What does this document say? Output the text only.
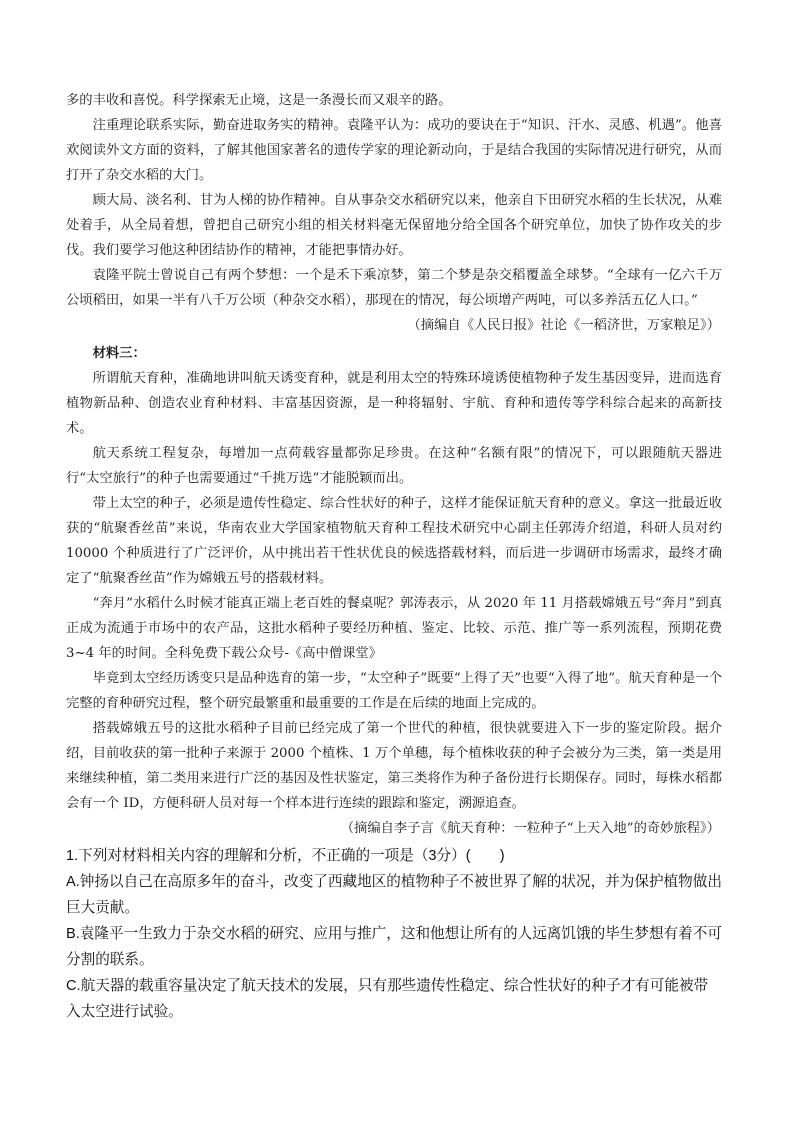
多的丰收和喜悦。科学探索无止境，这是一条漫长而又艰辛的路。

注重理论联系实际，勤奋进取务实的精神。袁隆平认为：成功的要诀在于“知识、汗水、灵感、机遇”。他喜欢阅读外文方面的资料，了解其他国家著名的遗传学家的理论新动向，于是结合我国的实际情况进行研究，从而打开了杂交水稻的大门。

顾大局、淡名利、甘为人梯的协作精神。自从事杂交水稻研究以来，他亲自下田研究水稻的生长状况，从难处着手，从全局着想，曾把自己研究小组的相关材料毫无保留地分给全国各个研究单位，加快了协作攻关的步伐。我们要学习他这种团结协作的精神，才能把事情办好。

袁隆平院士曾说自己有两个梦想：一个是禾下乘凉梦，第二个梦是杂交稻覆盖全球梦。“全球有一亿六千万公顷稻田，如果一半有八千万公顷（种杂交水稻），那现在的情况，每公顷增产两吨，可以多养活五亿人口。”

（摘编自《人民日报》社论《一稻济世，万家粮足》）

材料三：

所谓航天育种，准确地讲叫航天诱变育种，就是利用太空的特殊环境诱使植物种子发生基因变异，进而选育植物新品种、创造农业育种材料、丰富基因资源，是一种将辐射、宇航、育种和遗传等学科综合起来的高新技术。

航天系统工程复杂，每增加一点荷载容量都弥足珍贵。在这种“名额有限”的情况下，可以跟随航天器进行“太空旅行”的种子也需要通过“千挑万选”才能脱颖而出。

带上太空的种子，必须是遗传性稳定、综合性状好的种子，这样才能保证航天育种的意义。拿这一批最近收获的“航聚香丝苗”来说，华南农业大学国家植物航天育种工程技术研究中心副主任郭涛介绍道，科研人员对约 10000 个种质进行了广泛评价，从中挑出若干性状优良的候选搭载材料，而后进一步调研市场需求，最终才确定了“航聚香丝苗”作为嫦娥五号的搭载材料。

“奔月”水稻什么时候才能真正端上老百姓的餐桌呢？郭涛表示，从 2020 年 11 月搭载嫦娥五号“奔月”到真正成为流通于市场中的农产品，这批水稻种子要经历种植、鉴定、比较、示范、推广等一系列流程，预期花费 3~4 年的时间。全科免费下载公众号-《高中僧课堂》

毕竟到太空经历诱变只是品种选育的第一步，“太空种子”既要“上得了天”也要“入得了地”。航天育种是一个完整的育种研究过程，整个研究最繁重和最重要的工作是在后续的地面上完成的。

搭载嫦娥五号的这批水稻种子目前已经完成了第一个世代的种植，很快就要进入下一步的鉴定阶段。据介绍，目前收获的第一批种子来源于 2000 个植株、1 万个单穗，每个植株收获的种子会被分为三类，第一类是用来继续种植，第二类用来进行广泛的基因及性状鉴定，第三类将作为种子备份进行长期保存。同时，每株水稻都会有一个 ID，方便科研人员对每一个样本进行连续的跟踪和鉴定，溯源追查。

（摘编自李子言《航天育种：一粒种子“上天入地”的奇妙旅程》）

1.下列对材料相关内容的理解和分析，不正确的一项是（3分）(　　)

A.钟扬以自己在高原多年的奋斗，改变了西藏地区的植物种子不被世界了解的状况，并为保护植物做出巨大贡献。

B.袁隆平一生致力于杂交水稻的研究、应用与推广，这和他想让所有的人远离饥饿的毕生梦想有着不可分割的联系。

C.航天器的载重容量决定了航天技术的发展，只有那些遗传性稳定、综合性状好的种子才有可能被带入太空进行试验。
